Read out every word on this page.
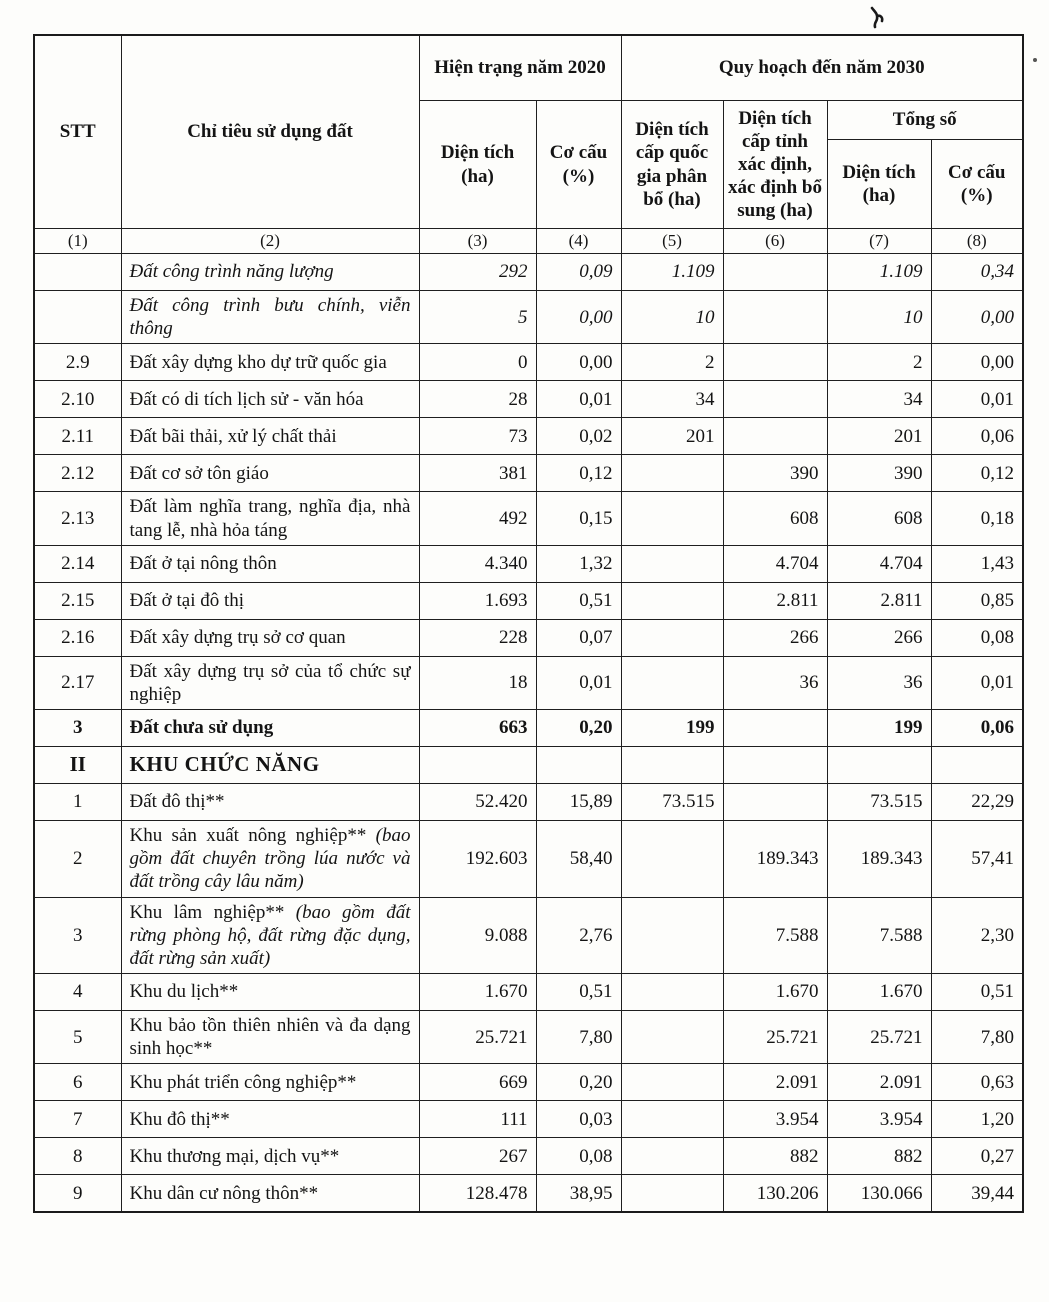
STT	Chỉ tiêu sử dụng đất	Hiện trạng năm 2020		Quy hoạch đến năm 2030			
		Diện tích (ha)	Cơ cấu (%)	Diện tích cấp quốc gia phân bổ (ha)	Diện tích cấp tỉnh xác định, xác định bổ sung (ha)	Tổng số	
						Diện tích (ha)	Cơ cấu (%)
(1)	(2)	(3)	(4)	(5)	(6)	(7)	(8)
	Đất công trình năng lượng	292	0,09	1.109		1.109	0,34
	Đất công trình bưu chính, viễn thông	5	0,00	10		10	0,00
2.9	Đất xây dựng kho dự trữ quốc gia	0	0,00	2		2	0,00
2.10	Đất có di tích lịch sử - văn hóa	28	0,01	34		34	0,01
2.11	Đất bãi thải, xử lý chất thải	73	0,02	201		201	0,06
2.12	Đất cơ sở tôn giáo	381	0,12		390	390	0,12
2.13	Đất làm nghĩa trang, nghĩa địa, nhà tang lễ, nhà hỏa táng	492	0,15		608	608	0,18
2.14	Đất ở tại nông thôn	4.340	1,32		4.704	4.704	1,43
2.15	Đất ở tại đô thị	1.693	0,51		2.811	2.811	0,85
2.16	Đất xây dựng trụ sở cơ quan	228	0,07		266	266	0,08
2.17	Đất xây dựng trụ sở của tổ chức sự nghiệp	18	0,01		36	36	0,01
3	Đất chưa sử dụng	663	0,20	199		199	0,06
II	KHU CHỨC NĂNG						
1	Đất đô thị**	52.420	15,89	73.515		73.515	22,29
2	Khu sản xuất nông nghiệp** (bao gồm đất chuyên trồng lúa nước và đất trồng cây lâu năm)	192.603	58,40		189.343	189.343	57,41
3	Khu lâm nghiệp** (bao gồm đất rừng phòng hộ, đất rừng đặc dụng, đất rừng sản xuất)	9.088	2,76		7.588	7.588	2,30
4	Khu du lịch**	1.670	0,51		1.670	1.670	0,51
5	Khu bảo tồn thiên nhiên và đa dạng sinh học**	25.721	7,80		25.721	25.721	7,80
6	Khu phát triển công nghiệp**	669	0,20		2.091	2.091	0,63
7	Khu đô thị**	111	0,03		3.954	3.954	1,20
8	Khu thương mại, dịch vụ**	267	0,08		882	882	0,27
9	Khu dân cư nông thôn**	128.478	38,95		130.206	130.066	39,44
